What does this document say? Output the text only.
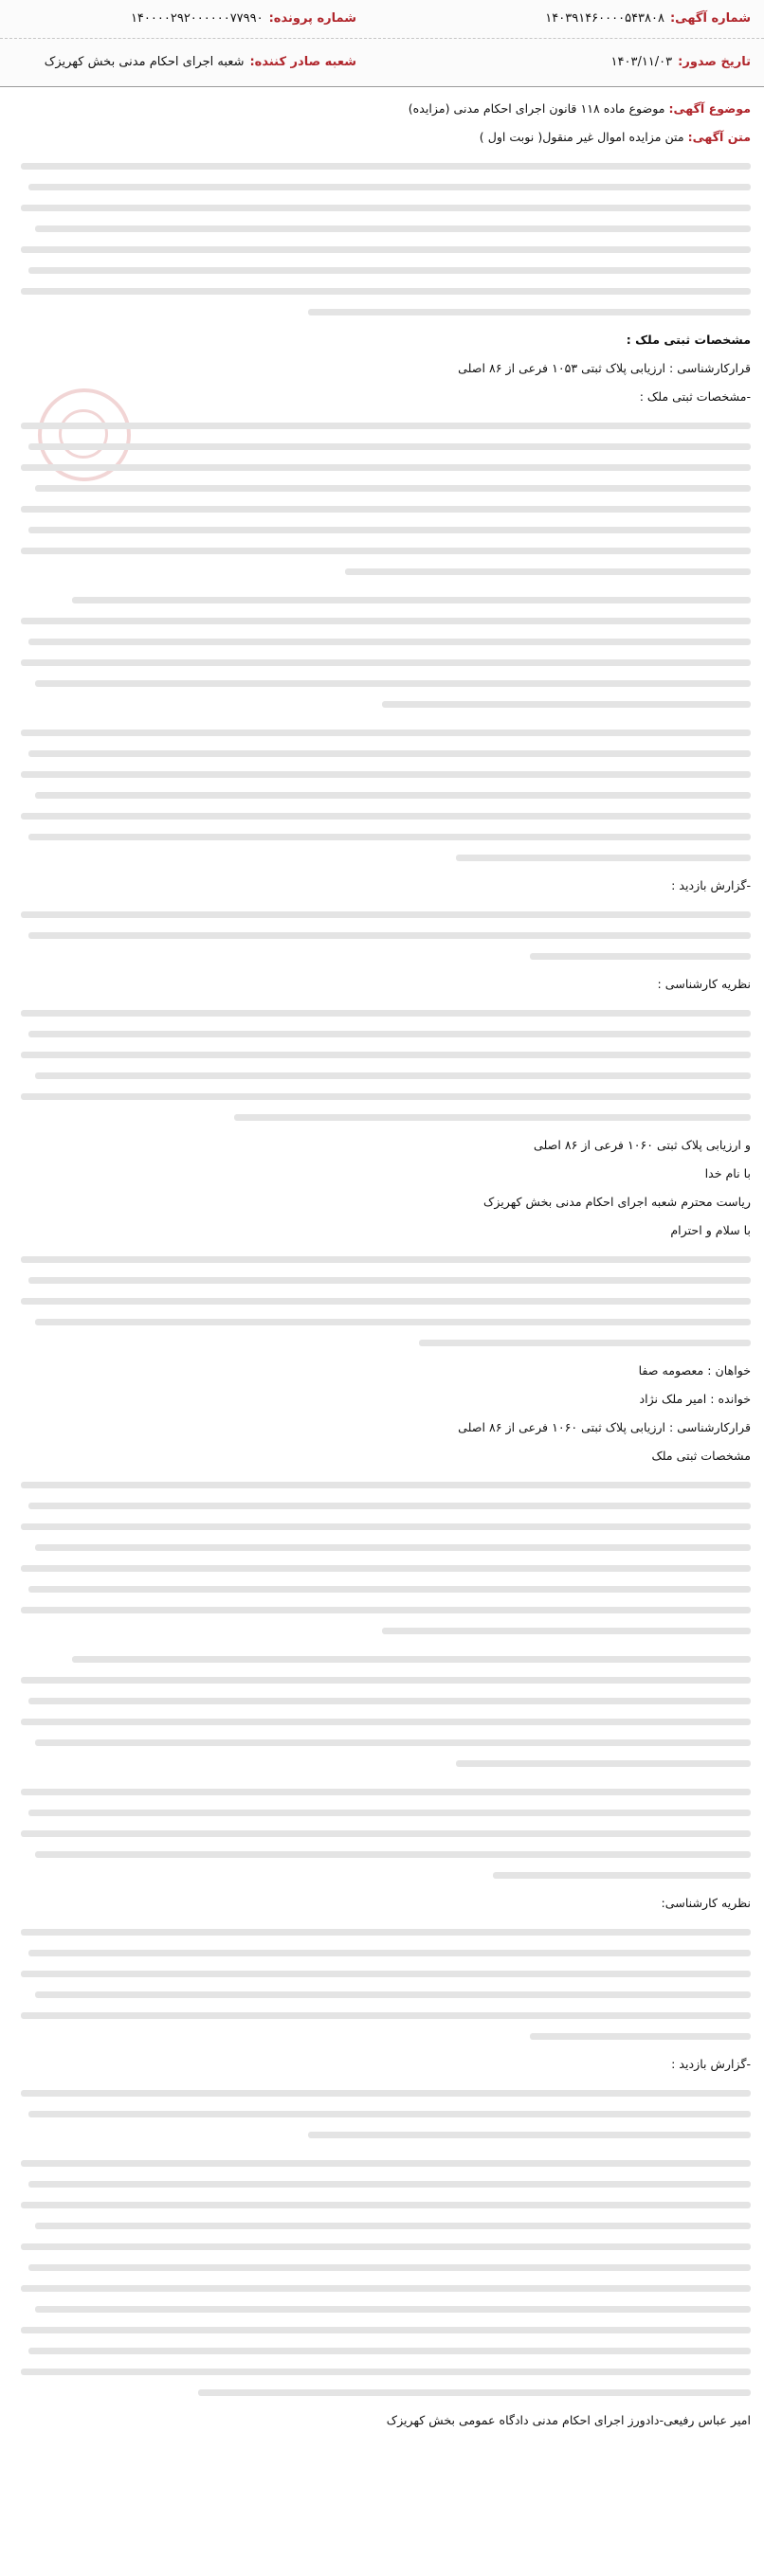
شماره آگهی:۱۴۰۳۹۱۴۶۰۰۰۰۵۴۳۸۰۸
شماره پرونده:۱۴۰۰۰۰۲۹۲۰۰۰۰۰۰۷۷۹۹۰
تاریخ صدور:۱۴۰۳/۱۱/۰۳
شعبه صادر کننده:شعبه اجرای احکام مدنی بخش کهریزک
موضوع آگهی: موضوع ماده ۱۱۸ قانون اجرای احکام مدنی (مزایده)
متن آگهی: متن مزایده اموال غیر منقول( نوبت اول )
مشخصات ثبتی ملک :
قرارکارشناسی : ارزیابی پلاک ثبتی ۱۰۵۳ فرعی از ۸۶ اصلی
-مشخصات ثبتی ملک :
-گزارش بازدید :
نظریه کارشناسی :
و ارزیابی پلاک ثبتی ۱۰۶۰ فرعی از ۸۶ اصلی
با نام خدا
ریاست محترم شعبه اجرای احکام مدنی بخش کهریزک
با سلام و احترام
خواهان : معصومه صفا
خوانده : امیر ملک نژاد
قرارکارشناسی : ارزیابی پلاک ثبتی ۱۰۶۰ فرعی از ۸۶ اصلی
مشخصات ثبتی ملک
نظریه کارشناسی:
-گزارش بازدید :
امیر عباس رفیعی-دادورز اجرای احکام مدنی دادگاه عمومی بخش کهریزک
